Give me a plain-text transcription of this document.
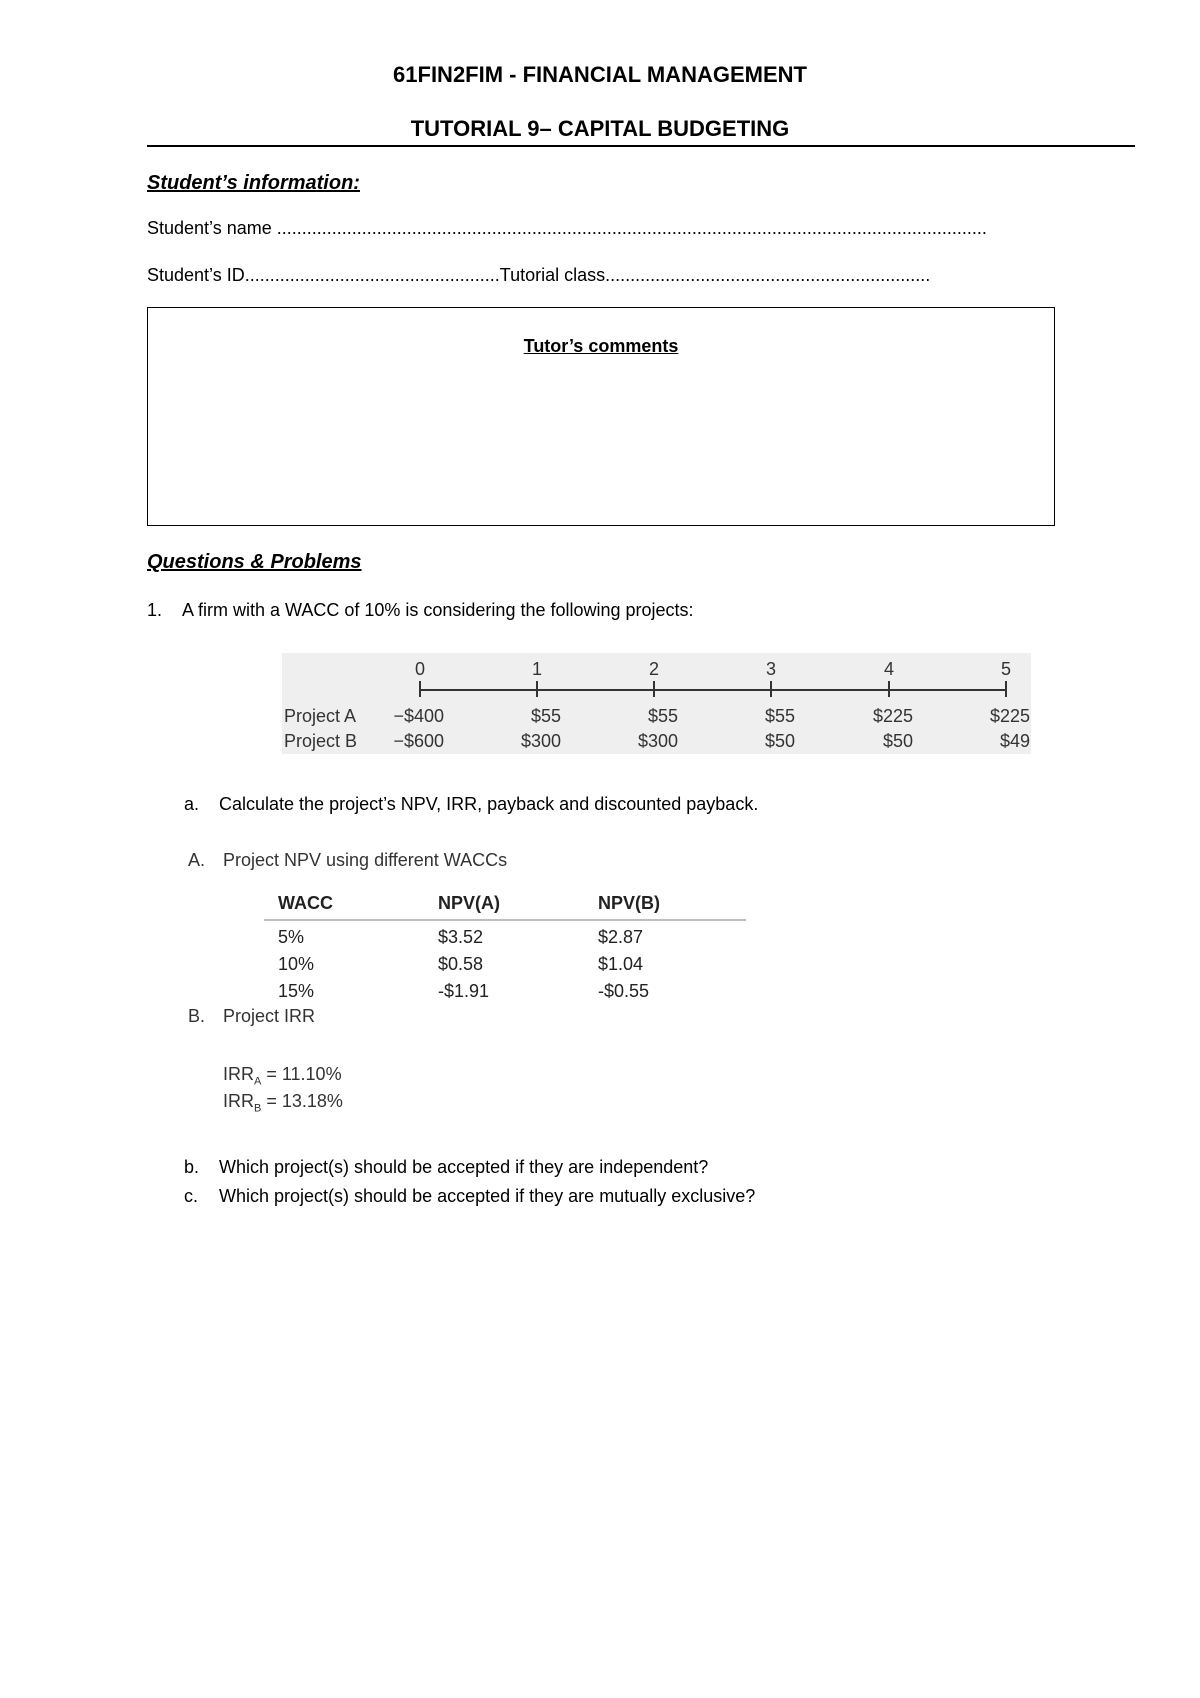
61FIN2FIM - FINANCIAL MANAGEMENT
TUTORIAL 9– CAPITAL BUDGETING
Student’s information:
Student’s name ..............................................................................................................................................
Student’s ID...................................................Tutorial class.................................................................
Tutor’s comments
Questions & Problems
1. A firm with a WACC of 10% is considering the following projects:
0	1	2	3	4	5
Project A	−$400	$55	$55	$55	$225	$225
Project B	−$600	$300	$300	$50	$50	$49
a. Calculate the project’s NPV, IRR, payback and discounted payback.
A. Project NPV using different WACCs
WACC	NPV(A)	NPV(B)
5%	$3.52	$2.87
10%	$0.58	$1.04
15%	-$1.91	-$0.55
B. Project IRR
$IRR_A = 11.10\%$
$IRR_B = 13.18\%$
b. Which project(s) should be accepted if they are independent?
c. Which project(s) should be accepted if they are mutually exclusive?
